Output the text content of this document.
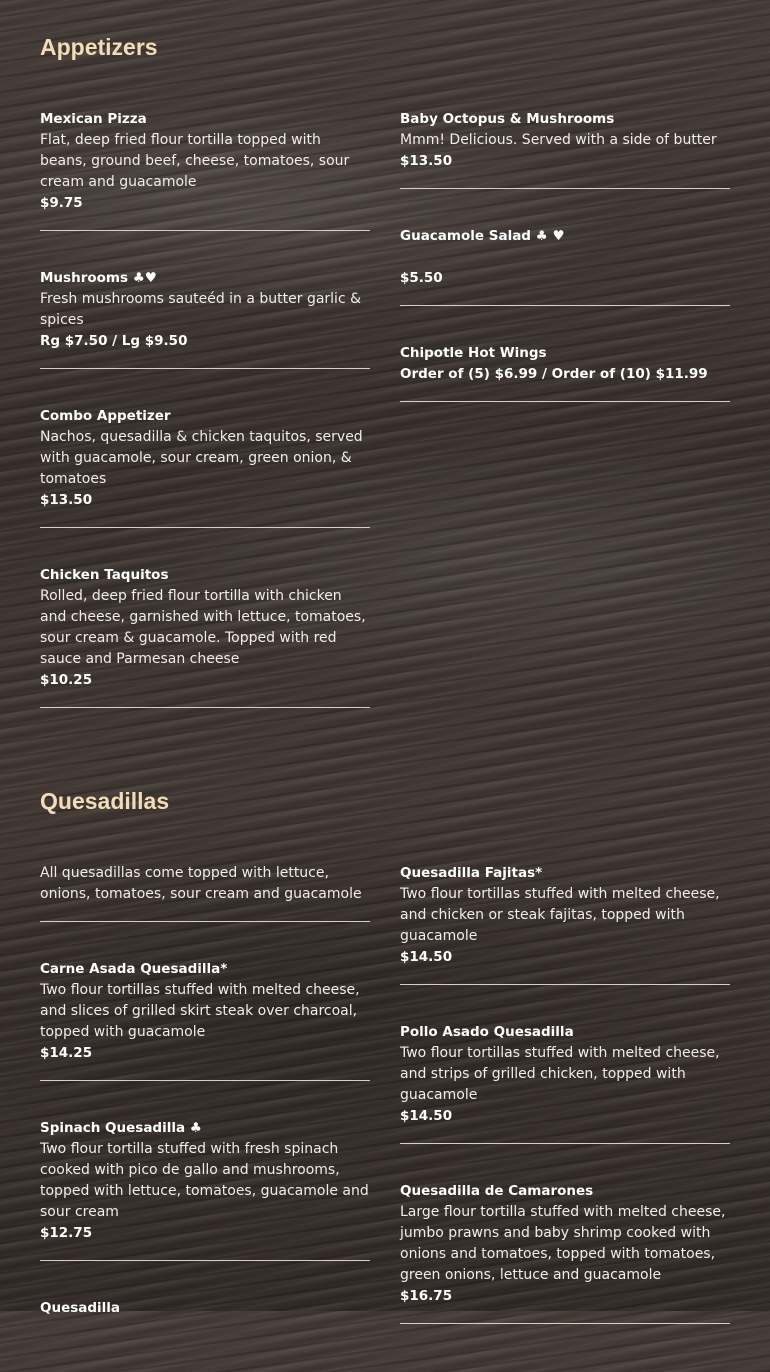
Appetizers
Mexican Pizza
Flat, deep fried flour tortilla topped with beans, ground beef, cheese, tomatoes, sour cream and guacamole
$9.75
Mushrooms ♣♥
Fresh mushrooms sauteéd in a butter garlic & spices
Rg $7.50 / Lg $9.50
Combo Appetizer
Nachos, quesadilla & chicken taquitos, served with guacamole, sour cream, green onion, & tomatoes
$13.50
Chicken Taquitos
Rolled, deep fried flour tortilla with chicken and cheese, garnished with lettuce, tomatoes, sour cream & guacamole. Topped with red sauce and Parmesan cheese
$10.25
Baby Octopus & Mushrooms
Mmm! Delicious. Served with a side of butter
$13.50
Guacamole Salad ♣ ♥
$5.50
Chipotle Hot Wings
Order of (5) $6.99 / Order of (10) $11.99
Quesadillas
All quesadillas come topped with lettuce, onions, tomatoes, sour cream and guacamole
Carne Asada Quesadilla*
Two flour tortillas stuffed with melted cheese, and slices of grilled skirt steak over charcoal, topped with guacamole
$14.25
Spinach Quesadilla ♣
Two flour tortilla stuffed with fresh spinach cooked with pico de gallo and mushrooms, topped with lettuce, tomatoes, guacamole and sour cream
$12.75
Quesadilla
Quesadilla Fajitas*
Two flour tortillas stuffed with melted cheese, and chicken or steak fajitas, topped with guacamole
$14.50
Pollo Asado Quesadilla
Two flour tortillas stuffed with melted cheese, and strips of grilled chicken, topped with guacamole
$14.50
Quesadilla de Camarones
Large flour tortilla stuffed with melted cheese, jumbo prawns and baby shrimp cooked with onions and tomatoes, topped with tomatoes, green onions, lettuce and guacamole
$16.75
